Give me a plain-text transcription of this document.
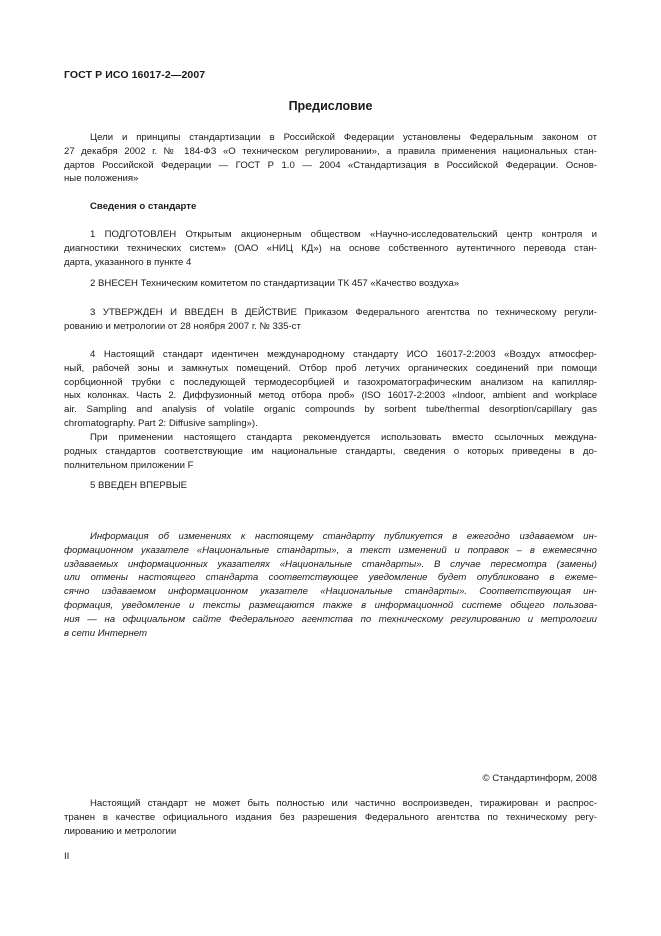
ГОСТ Р ИСО 16017-2—2007
Предисловие
Цели и принципы стандартизации в Российской Федерации установлены Федеральным законом от
27 декабря 2002 г. № 184-ФЗ «О техническом регулировании», а правила применения национальных стан-
дартов Российской Федерации — ГОСТ Р 1.0 — 2004 «Стандартизация в Российской Федерации. Основ-
ные положения»
Сведения о стандарте
1 ПОДГОТОВЛЕН Открытым акционерным обществом «Научно-исследовательский центр контроля и
диагностики технических систем» (ОАО «НИЦ КД») на основе собственного аутентичного перевода стан-
дарта, указанного в пункте 4
2 ВНЕСЕН Техническим комитетом по стандартизации ТК 457 «Качество воздуха»
3 УТВЕРЖДЕН И ВВЕДЕН В ДЕЙСТВИЕ Приказом Федерального агентства по техническому регули-
рованию и метрологии от 28 ноября 2007 г. № 335-ст
4 Настоящий стандарт идентичен международному стандарту ИСО 16017-2:2003 «Воздух атмосфер-
ный, рабочей зоны и замкнутых помещений. Отбор проб летучих органических соединений при помощи
сорбционной трубки с последующей термодесорбцией и газохроматографическим анализом на капилляр-
ных колонках. Часть 2. Диффузионный метод отбора проб» (ISO 16017-2:2003 «Indoor, ambient and workplace
air. Sampling and analysis of volatile organic compounds by sorbent tube/thermal desorption/capillary gas
chromatography. Part 2: Diffusive sampling»).
При применении настоящего стандарта рекомендуется использовать вместо ссылочных междуна-
родных стандартов соответствующие им национальные стандарты, сведения о которых приведены в до-
полнительном приложении F
5 ВВЕДЕН ВПЕРВЫЕ
Информация об изменениях к настоящему стандарту публикуется в ежегодно издаваемом ин-
формационном указателе «Национальные стандарты», а текст изменений и поправок – в ежемесячно
издаваемых информационных указателях «Национальные стандарты». В случае пересмотра (замены)
или отмены настоящего стандарта соответствующее уведомление будет опубликовано в ежеме-
сячно издаваемом информационном указателе «Национальные стандарты». Соответствующая ин-
формация, уведомление и тексты размещаются также в информационной системе общего пользова-
ния — на официальном сайте Федерального агентства по техническому регулированию и метрологии
в сети Интернет
© Стандартинформ, 2008
Настоящий стандарт не может быть полностью или частично воспроизведен, тиражирован и распрос-
транен в качестве официального издания без разрешения Федерального агентства по техническому регу-
лированию и метрологии
II
